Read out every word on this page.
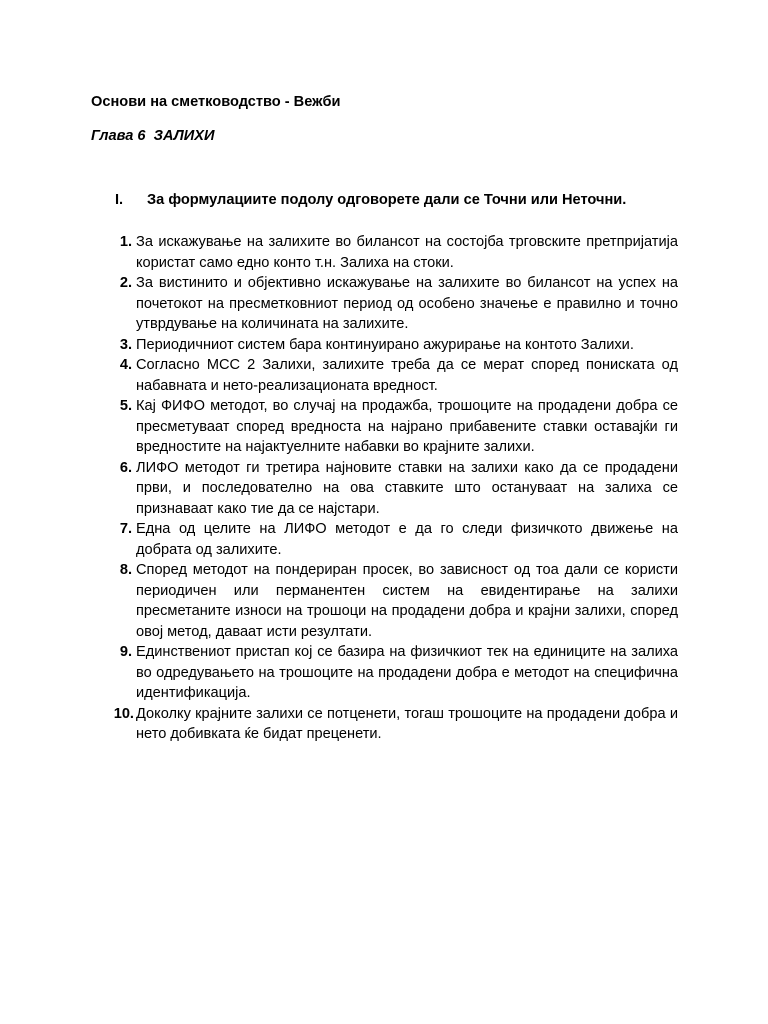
Основи на сметководство - Вежби
Глава 6  ЗАЛИХИ
I. За формулациите подолу одговорете дали се Точни или Неточни.
1. За искажување на залихите во билансот на состојба трговските претпријатија користат само едно конто т.н. Залиха на стоки.
2. За вистинито и објективно искажување на залихите во билансот на успех на почетокот на пресметковниот период од особено значење е правилно и точно утврдување на количината на залихите.
3. Периодичниот систем бара континуирано ажурирање на контото Залихи.
4. Согласно МСС 2 Залихи, залихите треба да се мерат според пониската од набавната и нето-реализационата вредност.
5. Кај ФИФО методот, во случај на продажба, трошоците на продадени добра се пресметуваат според вредноста на најрано прибавените ставки оставајќи ги вредностите на најактуелните набавки во крајните залихи.
6. ЛИФО методот ги третира најновите ставки на залихи како да се продадени први, и последователно на ова ставките што остануваат на залиха се признаваат како тие да се најстари.
7. Една од целите на ЛИФО методот е да го следи физичкото движење на добрата од залихите.
8. Според методот на пондериран просек, во зависност од тоа дали се користи периодичен или перманентен систем на евидентирање на залихи пресметаните износи на трошоци на продадени добра и крајни залихи, според овој метод, даваат исти резултати.
9. Единствениот пристап кој се базира на физичкиот тек на единиците на залиха во одредувањето на трошоците на продадени добра е методот на специфична идентификација.
10. Доколку крајните залихи се потценети, тогаш трошоците на продадени добра и нето добивката ќе бидат преценети.
